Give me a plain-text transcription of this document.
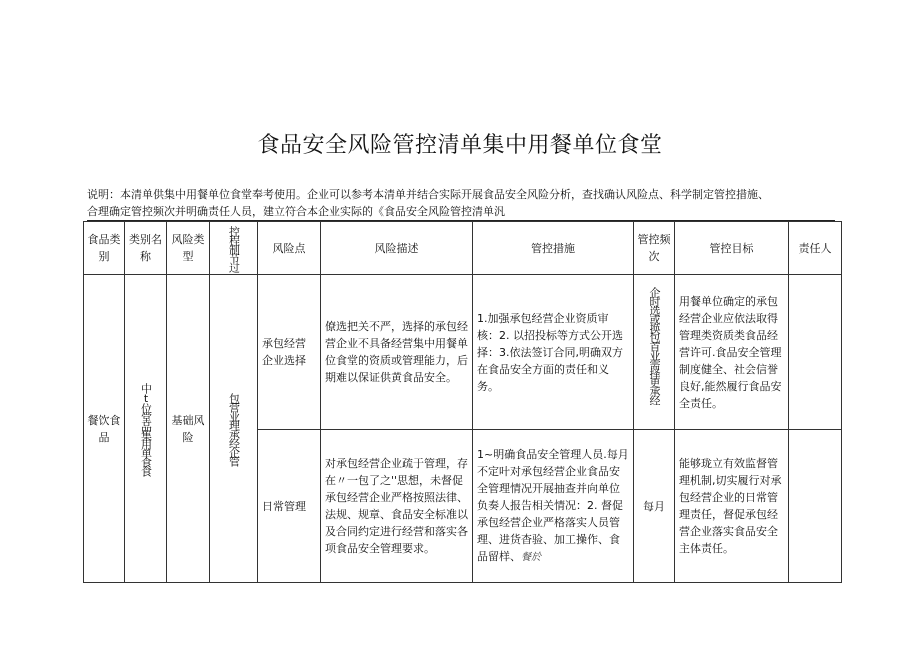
食品安全风险管控清单集中用餐单位食堂
说明：本清单供集中用餐单位食堂奉考使用。企业可以参考本清单并结合实际开展食品安全风险分析，查找确认风险点、科学制定管控措施、

合理确定管控频次并明确责任人员，建立符合本企业实际的《食品安全风险管控清单汎
食品类别	类别名称	风险类型	控程制节过	风险点	风险描述	管控措施	管控频次	管控目标	责任人
餐饮食品	中t位堂品集用单食食	基础风险	包营业理承经企管	承包经营企业选择	僚选把关不严，选择的承包经营企业不具备经营集中用餐单位食堂的资质或管理能力，后期难以保证供黄食品安全。	1.加强承包经营企业资质审核：2. 以招投标等方式公开选择：3.依法签订合同,明确双方在食品安全方面的责任和义务。	企时选或换包首业需择更承经	用餐单位确定的承包经营企业应依法取得管理类资质类食品经营许可.食品安全管理制度健全、社会信誉良好,能然履行食品安全责任。	
				日常管理	对承包经营企业疏于管理，存在〃一包了之''思想，未督促承包经营企业严格按照法律、法规、规章、食品安全标准以及合同约定进行经营和落实各项食品安全管理要求。	1~明确食品安全管理人员.每月不定叶对承包经营企业食品安全管理情况开展抽查并向单位负奏人报告相关情况：2. 督促承包经营企业严格落实人员管理、进货杳验、加工操作、食品留样、餐於	每月	能够珑立有效监督管理机制,切实履行对承包经营企业的日常管理责任，督促承包经营企业落实食品安全主体责任。	
